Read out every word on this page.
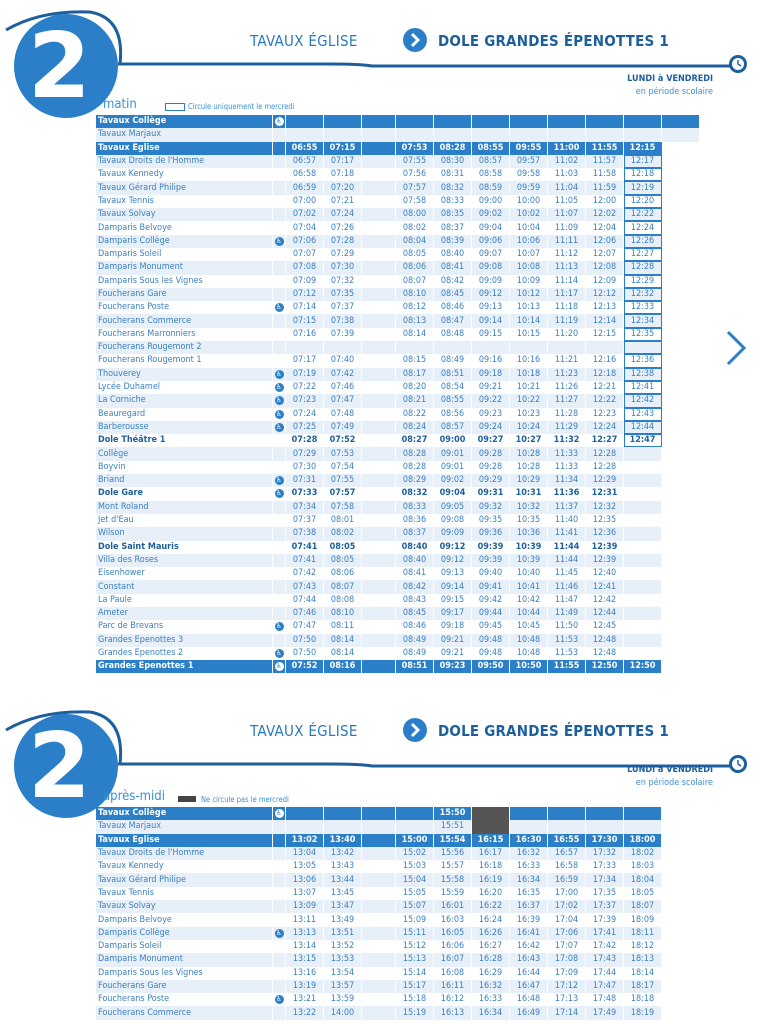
2	TAVAUX ÉGLISE	DOLE GRANDES ÉPENOTTES 1
LUNDI à VENDREDI
en période scolaire
matin	Circule uniquement le mercredi
Tavaux Collège	♿											
Tavaux Marjaux												
Tavaux Eglise		06:55	07:15		07:53	08:28	08:55	09:55	11:00	11:55	12:15	
Tavaux Droits de l'Homme		06:57	07:17		07:55	08:30	08:57	09:57	11:02	11:57	12:17	
Tavaux Kennedy		06:58	07:18		07:56	08:31	08:58	09:58	11:03	11:58	12:18	
Tavaux Gérard Philipe		06:59	07:20		07:57	08:32	08:59	09:59	11:04	11:59	12:19	
Tavaux Tennis		07:00	07:21		07:58	08:33	09:00	10:00	11:05	12:00	12:20	
Tavaux Solvay		07:02	07:24		08:00	08:35	09:02	10:02	11:07	12:02	12:22	
Damparis Belvoye		07:04	07:26		08:02	08:37	09:04	10:04	11:09	12:04	12:24	
Damparis Collège	♿	07:06	07:28		08:04	08:39	09:06	10:06	11:11	12:06	12:26	
Damparis Soleil		07:07	07:29		08:05	08:40	09:07	10:07	11:12	12:07	12:27	
Damparis Monument		07:08	07:30		08:06	08:41	09:08	10:08	11:13	12:08	12:28	
Damparis Sous les Vignes		07:09	07:32		08:07	08:42	09:09	10:09	11:14	12:09	12:29	
Foucherans Gare		07:12	07:35		08:10	08:45	09:12	10:12	11:17	12:12	12:32	
Foucherans Poste	♿	07:14	07:37		08:12	08:46	09:13	10:13	11:18	12:13	12:33	
Foucherans Commerce		07:15	07:38		08:13	08:47	09:14	10:14	11:19	12:14	12:34	
Foucherans Marronniers		07:16	07:39		08:14	08:48	09:15	10:15	11:20	12:15	12:35	
Foucherans Rougemont 2												
Foucherans Rougemont 1		07:17	07:40		08:15	08:49	09:16	10:16	11:21	12:16	12:36	
Thouverey	♿	07:19	07:42		08:17	08:51	09:18	10:18	11:23	12:18	12:38	
Lycée Duhamel	♿	07:22	07:46		08:20	08:54	09:21	10:21	11:26	12:21	12:41	
La Corniche	♿	07:23	07:47		08:21	08:55	09:22	10:22	11:27	12:22	12:42	
Beauregard	♿	07:24	07:48		08:22	08:56	09:23	10:23	11:28	12:23	12:43	
Barberousse	♿	07:25	07:49		08:24	08:57	09:24	10:24	11:29	12:24	12:44	
Dole Théâtre 1		07:28	07:52		08:27	09:00	09:27	10:27	11:32	12:27	12:47	
Collège		07:29	07:53		08:28	09:01	09:28	10:28	11:33	12:28		
Boyvin		07:30	07:54		08:28	09:01	09:28	10:28	11:33	12:28		
Briand	♿	07:31	07:55		08:29	09:02	09:29	10:29	11:34	12:29		
Dole Gare	♿	07:33	07:57		08:32	09:04	09:31	10:31	11:36	12:31		
Mont Roland		07:34	07:58		08:33	09:05	09:32	10:32	11:37	12:32		
Jet d'Eau		07:37	08:01		08:36	09:08	09:35	10:35	11:40	12:35		
Wilson		07:38	08:02		08:37	09:09	09:36	10:36	11:41	12:36		
Dole Saint Mauris		07:41	08:05		08:40	09:12	09:39	10:39	11:44	12:39		
Villa des Roses		07:41	08:05		08:40	09:12	09:39	10:39	11:44	12:39		
Eisenhower		07:42	08:06		08:41	09:13	09:40	10:40	11:45	12:40		
Constant		07:43	08:07		08:42	09:14	09:41	10:41	11:46	12:41		
La Paule		07:44	08:08		08:43	09:15	09:42	10:42	11:47	12:42		
Ameter		07:46	08:10		08:45	09:17	09:44	10:44	11:49	12:44		
Parc de Brevans	♿	07:47	08:11		08:46	09:18	09:45	10:45	11:50	12:45		
Grandes Epenottes 3		07:50	08:14		08:49	09:21	09:48	10:48	11:53	12:48		
Grandes Epenottes 2	♿	07:50	08:14		08:49	09:21	09:48	10:48	11:53	12:48		
Grandes Epenottes 1	♿	07:52	08:16		08:51	09:23	09:50	10:50	11:55	12:50	12:50	
2	TAVAUX ÉGLISE	DOLE GRANDES ÉPENOTTES 1
LUNDI à VENDREDI
en période scolaire
après-midi	Ne circule pas le mercredi
Tavaux Collège	♿					15:50					
Tavaux Marjaux						15:51					
Tavaux Eglise		13:02	13:40		15:00	15:54	16:15	16:30	16:55	17:30	18:00
Tavaux Droits de l'Homme		13:04	13:42		15:02	15:56	16:17	16:32	16:57	17:32	18:02
Tavaux Kennedy		13:05	13:43		15:03	15:57	16:18	16:33	16:58	17:33	18:03
Tavaux Gérard Philipe		13:06	13:44		15:04	15:58	16:19	16:34	16:59	17:34	18:04
Tavaux Tennis		13:07	13:45		15:05	15:59	16:20	16:35	17:00	17:35	18:05
Tavaux Solvay		13:09	13:47		15:07	16:01	16:22	16:37	17:02	17:37	18:07
Damparis Belvoye		13:11	13:49		15:09	16:03	16:24	16:39	17:04	17:39	18:09
Damparis Collège	♿	13:13	13:51		15:11	16:05	16:26	16:41	17:06	17:41	18:11
Damparis Soleil		13:14	13:52		15:12	16:06	16:27	16:42	17:07	17:42	18:12
Damparis Monument		13:15	13:53		15:13	16:07	16:28	16:43	17:08	17:43	18:13
Damparis Sous les Vignes		13:16	13:54		15:14	16:08	16:29	16:44	17:09	17:44	18:14
Foucherans Gare		13:19	13:57		15:17	16:11	16:32	16:47	17:12	17:47	18:17
Foucherans Poste	♿	13:21	13:59		15:18	16:12	16:33	16:48	17:13	17:48	18:18
Foucherans Commerce		13:22	14:00		15:19	16:13	16:34	16:49	17:14	17:49	18:19
